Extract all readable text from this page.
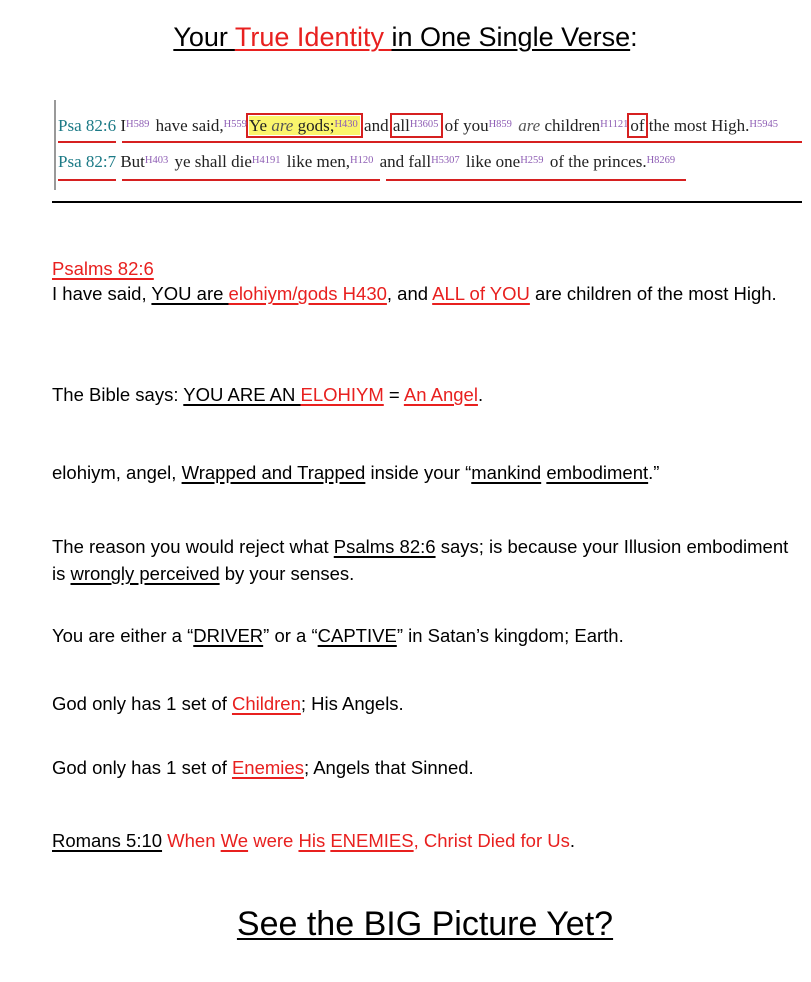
Your True Identity in One Single Verse:
Psa 82:6 $I^{H589}$ have said,$^{H559}$ Ye are gods;$^{H430}$ and all$^{H3605}$ of you$^{H859}$ are children$^{H1121}$ of the most High.$^{H5945}$
Psa 82:7 But$^{H403}$ ye shall die$^{H4191}$ like men,$^{H120}$ and fall$^{H5307}$ like one$^{H259}$ of the princes.$^{H8269}$
Psalms 82:6
I have said, YOU are elohiym/gods H430, and ALL of YOU are children of the most High.
The Bible says: YOU ARE AN ELOHIYM = An Angel.
elohiym, angel, Wrapped and Trapped inside your “mankind embodiment.”
The reason you would reject what Psalms 82:6 says; is because your Illusion embodiment is wrongly perceived by your senses.
You are either a “DRIVER” or a “CAPTIVE” in Satan’s kingdom; Earth.
God only has 1 set of Children; His Angels.
God only has 1 set of Enemies; Angels that Sinned.
Romans 5:10 When We were His ENEMIES, Christ Died for Us.
See the BIG Picture Yet?
